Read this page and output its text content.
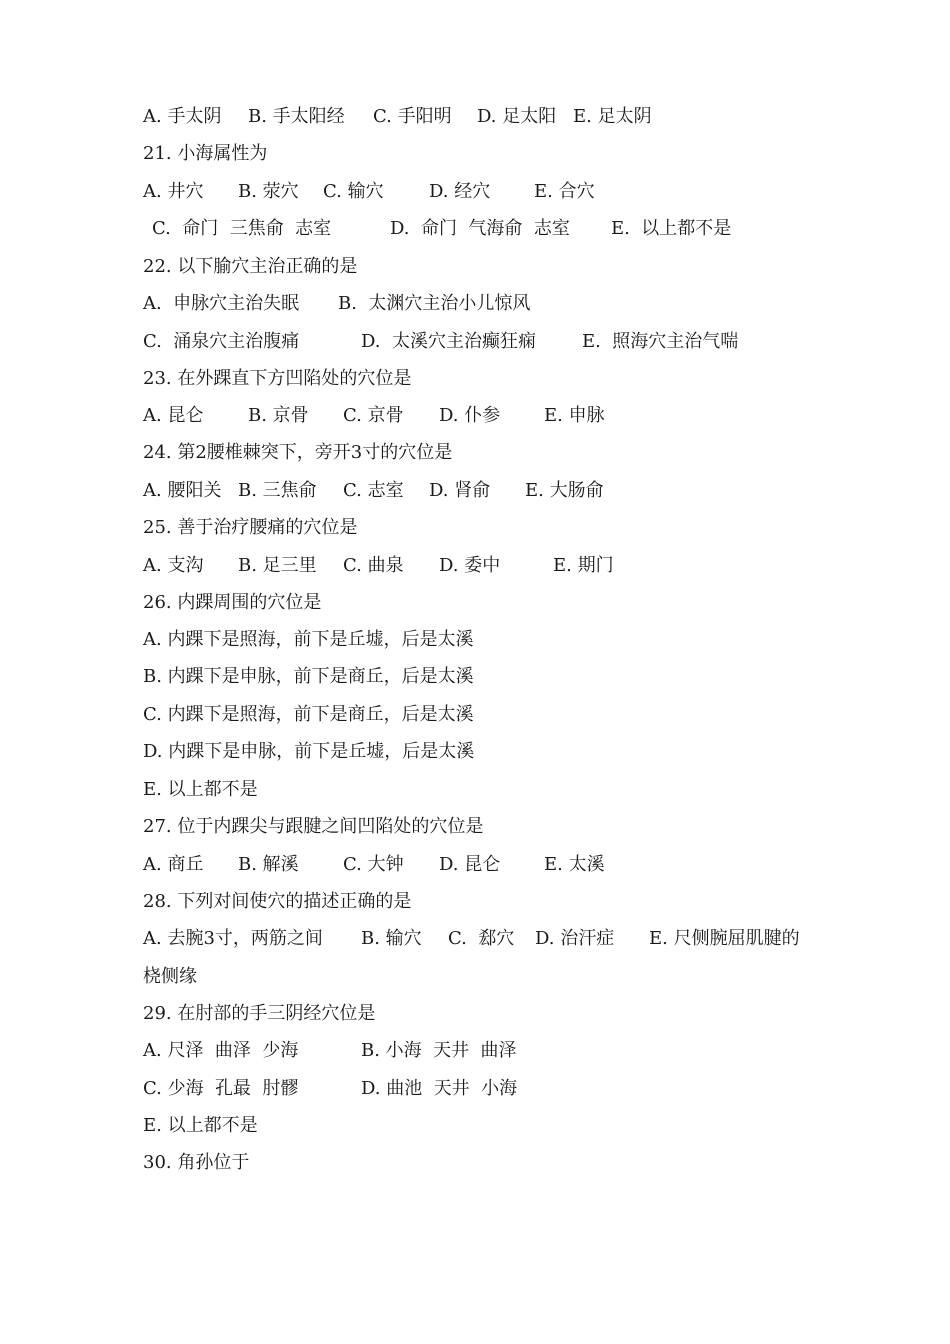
A. 手太阴

B. 手太阳经

C. 手阳明

D. 足太阳

E. 足太阴

21. 小海属性为

A. 井穴

B. 荥穴

C. 输穴

	D. 经穴

E. 合穴

C.  命门  三焦俞  志室

	D.  命门  气海俞  志室

E.  以上都不是

22. 以下腧穴主治正确的是

A.  申脉穴主治失眠

B.  太渊穴主治小儿惊风

C.  涌泉穴主治腹痛

	D.  太溪穴主治癫狂痫

	E.  照海穴主治气喘

23. 在外踝直下方凹陷处的穴位是

A. 昆仑

B. 京骨

C. 京骨

D. 仆参

E. 申脉

24. 第2腰椎棘突下，旁开3寸的穴位是

A. 腰阳关

B. 三焦俞

C. 志室

D. 肾俞

E. 大肠俞

25. 善于治疗腰痛的穴位是

A. 支沟

B. 足三里

C. 曲泉

D. 委中

	E. 期门

26. 内踝周围的穴位是

A. 内踝下是照海，前下是丘墟，后是太溪

B. 内踝下是申脉，前下是商丘，后是太溪

C. 内踝下是照海，前下是商丘，后是太溪

D. 内踝下是申脉，前下是丘墟，后是太溪

E. 以上都不是

27. 位于内踝尖与跟腱之间凹陷处的穴位是

A. 商丘

B. 解溪

C. 大钟

D. 昆仑

E. 太溪

28. 下列对间使穴的描述正确的是

A. 去腕3寸，两筋之间

B. 输穴

C.  郄穴

D. 治汗症

E. 尺侧腕屈肌腱的

桡侧缘

29. 在肘部的手三阴经穴位是

A. 尺泽  曲泽  少海

	B. 小海  天井  曲泽

C. 少海  孔最  肘髎

	D. 曲池  天井  小海

E. 以上都不是

30. 角孙位于
